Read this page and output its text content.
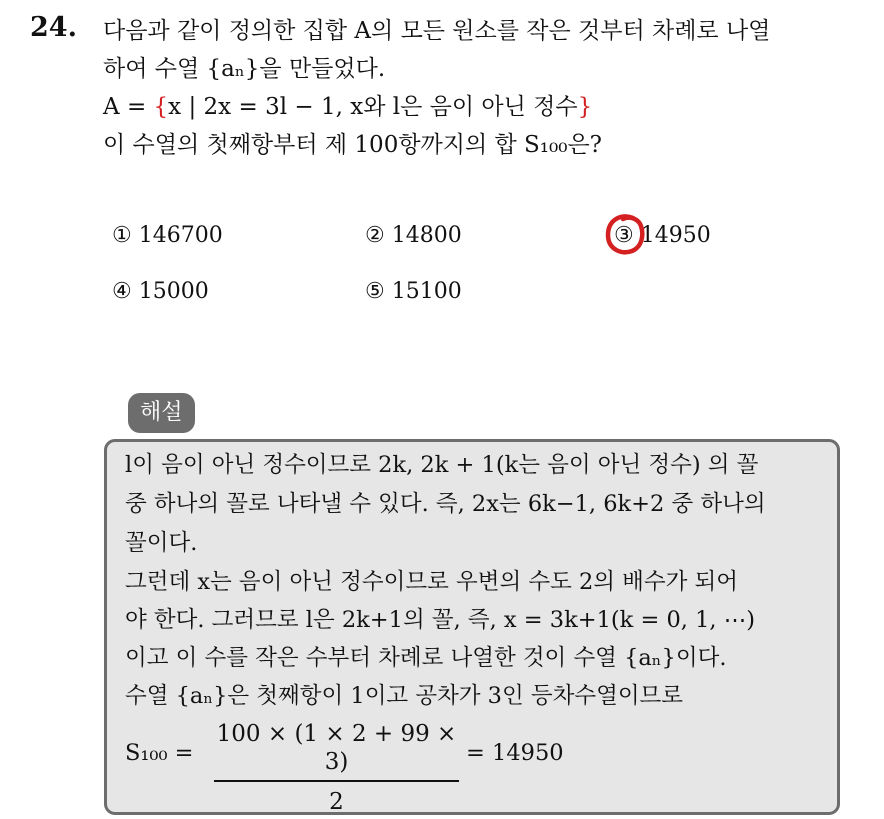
24. 다음과 같이 정의한 집합 A의 모든 원소를 작은 것부터 차례로 나열
하여 수열 {aₙ}을 만들었다.
A = {x | 2x = 3l − 1, x와 l은 음이 아닌 정수}
이 수열의 첫째항부터 제 100항까지의 합 S₁₀₀은?
① 146700	② 14800	③ 14950
④ 15000	⑤ 15100
해설
l이 음이 아닌 정수이므로 2k, 2k + 1(k는 음이 아닌 정수) 의 꼴
중 하나의 꼴로 나타낼 수 있다. 즉, 2x는 6k−1, 6k+2 중 하나의
꼴이다.
그런데 x는 음이 아닌 정수이므로 우변의 수도 2의 배수가 되어
야 한다. 그러므로 l은 2k+1의 꼴, 즉, x = 3k+1(k = 0, 1, ⋯)
이고 이 수를 작은 수부터 차례로 나열한 것이 수열 {aₙ}이다.
수열 {aₙ}은 첫째항이 1이고 공차가 3인 등차수열이므로
S₁₀₀ =
100 × (1 × 2 + 99 × 3)
2
= 14950
